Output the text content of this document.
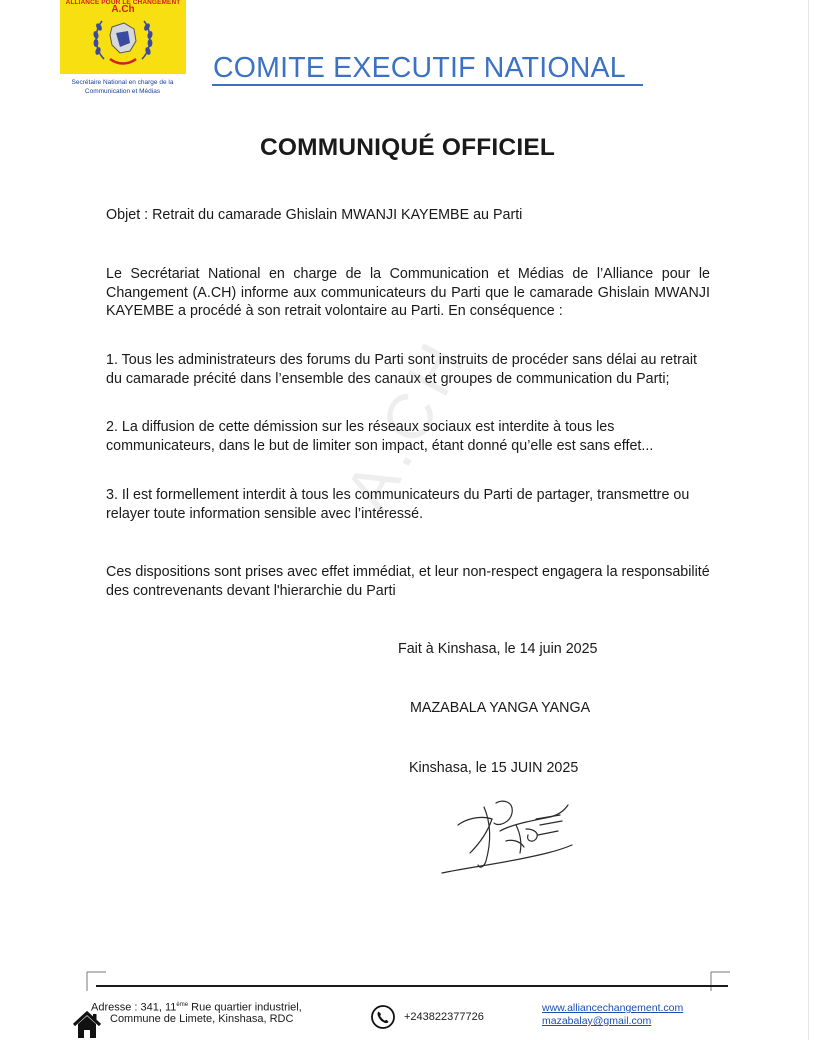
ALLIANCE POUR LE CHANGEMENT
A.Ch
Secrétaire National en charge de la Communication et Médias
COMITE EXECUTIF NATIONAL
COMMUNIQUÉ OFFICIEL
A.CH

Objet : Retrait du camarade Ghislain MWANJI KAYEMBE au Parti

Le Secrétariat National en charge de la Communication et Médias de l’Alliance pour le Changement (A.CH) informe aux communicateurs du Parti que le camarade Ghislain MWANJI KAYEMBE a procédé à son retrait volontaire au Parti. En conséquence :

1. Tous les administrateurs des forums du Parti sont instruits de procéder sans délai au retrait du camarade précité dans l’ensemble des canaux et groupes de communication du Parti;

2. La diffusion de cette démission sur les réseaux sociaux est interdite à tous les communicateurs, dans le but de limiter son impact, étant donné qu’elle est sans effet...

3. Il est formellement interdit à tous les communicateurs du Parti de partager, transmettre ou relayer toute information sensible avec l’intéressé.

Ces dispositions sont prises avec effet immédiat, et leur non-respect engagera la responsabilité des contrevenants devant l'hierarchie du Parti

Fait à Kinshasa, le 14 juin 2025

MAZABALA YANGA YANGA

Kinshasa, le 15 JUIN 2025

Adresse : 341, 11ème Rue quartier industriel,

Commune de Limete, Kinshasa, RDC	+243822377726

www.alliancechangement.com

mazabalay@gmail.com
